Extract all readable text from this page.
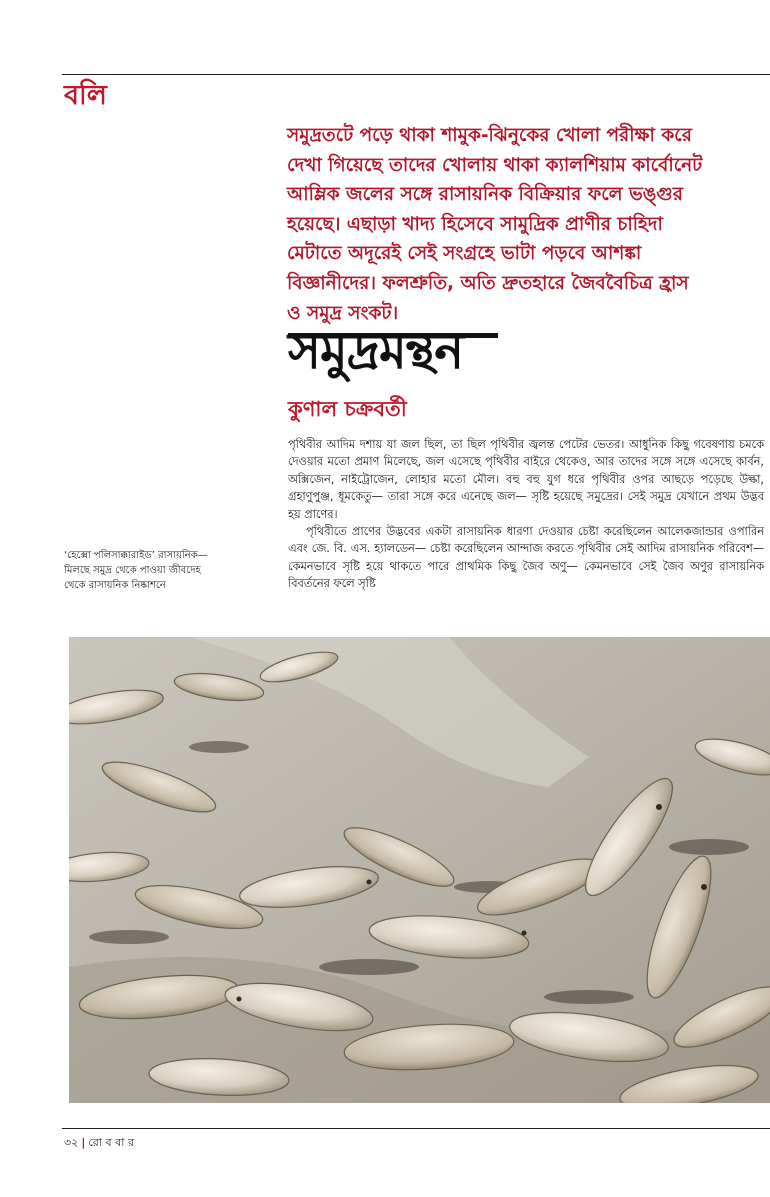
বলি
সমুদ্রতটে পড়ে থাকা শামুক-ঝিনুকের খোলা পরীক্ষা করে দেখা গিয়েছে তাদের খোলায় থাকা ক্যালশিয়াম কার্বোনেট আম্লিক জলের সঙ্গে রাসায়নিক বিক্রিয়ার ফলে ভঙ্গুর হয়েছে। এছাড়া খাদ্য হিসেবে সামুদ্রিক প্রাণীর চাহিদা মেটাতে অদূরেই সেই সংগ্রহে ভাটা পড়বে আশঙ্কা বিজ্ঞানীদের। ফলশ্রুতি, অতি দ্রুতহারে জৈববৈচিত্র হ্রাস ও সমুদ্র সংকট।
সমুদ্রমন্থন
কুণাল চক্রবর্তী

পৃথিবীর আদিম দশায় যা জল ছিল, তা ছিল পৃথিবীর জ্বলন্ত পেটের ভেতর। আধুনিক কিছু গবেষণায় চমকে দেওয়ার মতো প্রমাণ মিলেছে, জল এসেছে পৃথিবীর বাইরে থেকেও, আর তাদের সঙ্গে সঙ্গে এসেছে কার্বন, অক্সিজেন, নাইট্রোজেন, লোহার মতো মৌল। বহু বহু যুগ ধরে পৃথিবীর ওপর আছড়ে পড়েছে উল্কা, গ্রহাণুপুঞ্জ, ধূমকেতু— তারা সঙ্গে করে এনেছে জল— সৃষ্টি হয়েছে সমুদ্রের। সেই সমুদ্র যেখানে প্রথম উদ্ভব হয় প্রাণের।

পৃথিবীতে প্রাণের উদ্ভবের একটা রাসায়নিক ধারণা দেওয়ার চেষ্টা করেছিলেন আলেকজান্ডার ওপারিন এবং জে. বি. এস. হ্যালডেন— চেষ্টা করেছিলেন আন্দাজ করতে পৃথিবীর সেই আদিম রাসায়নিক পরিবেশ— কেমনভাবে সৃষ্টি হয়ে থাকতে পারে প্রাথমিক কিছু জৈব অণু— কেমনভাবে সেই জৈব অণুর রাসায়নিক বিবর্তনের ফলে সৃষ্টি

‘হেক্সো পলিসাক্কারাইড’ রাসায়নিক— মিলছে সমুদ্র থেকে পাওয়া জীবদেহ থেকে রাসায়নিক নিষ্কাশনে
৩২ | রো ব বা র
